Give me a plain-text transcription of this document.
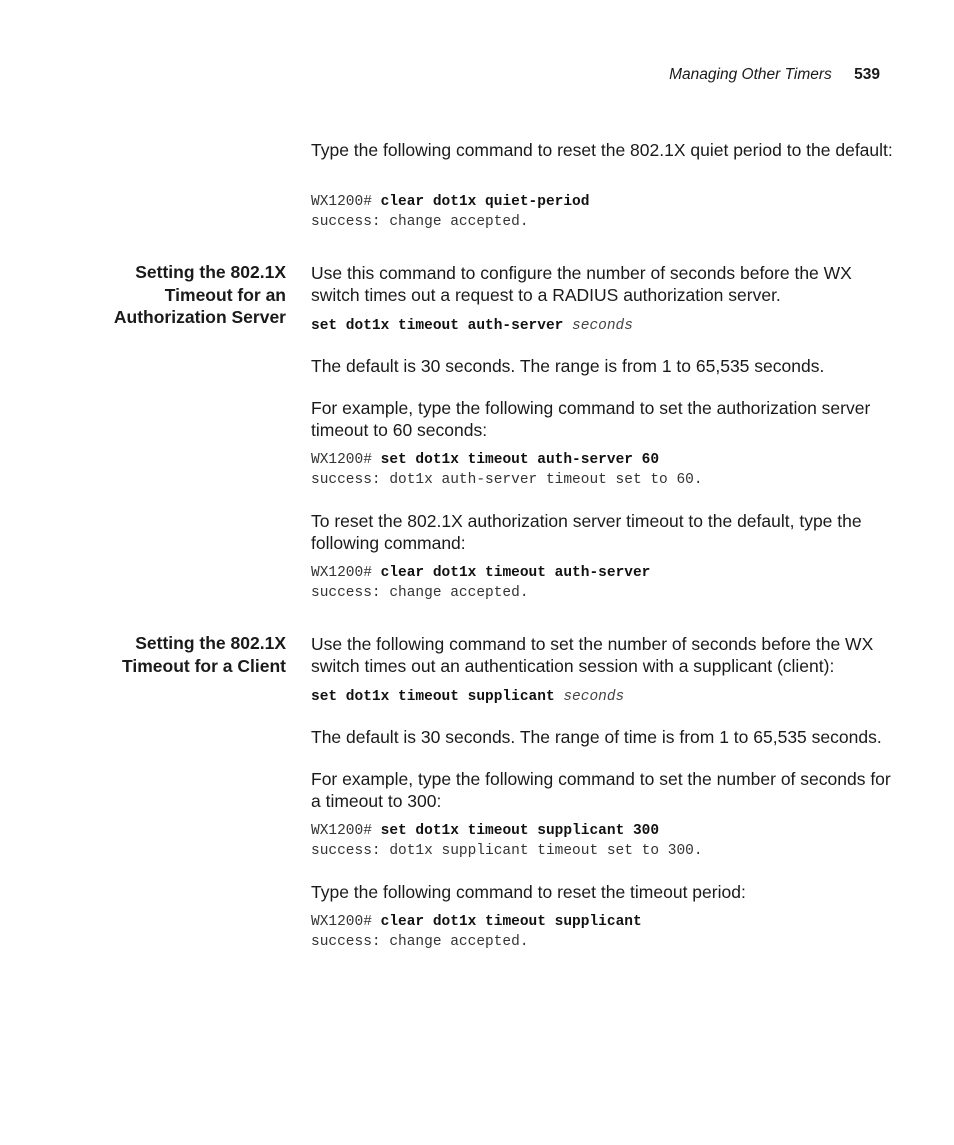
Managing Other Timers 539

Type the following command to reset the 802.1X quiet period to the default:

WX1200# clear dot1x quiet-period
success: change accepted.
Setting the 802.1X
Timeout for an
Authorization Server

Use this command to configure the number of seconds before the WX switch times out a request to a RADIUS authorization server.

set dot1x timeout auth-server seconds

The default is 30 seconds. The range is from 1 to 65,535 seconds.

For example, type the following command to set the authorization server timeout to 60 seconds:

WX1200# set dot1x timeout auth-server 60
success: dot1x auth-server timeout set to 60.

To reset the 802.1X authorization server timeout to the default, type the following command:

WX1200# clear dot1x timeout auth-server
success: change accepted.
Setting the 802.1X
Timeout for a Client

Use the following command to set the number of seconds before the WX switch times out an authentication session with a supplicant (client):

set dot1x timeout supplicant seconds

The default is 30 seconds. The range of time is from 1 to 65,535 seconds.

For example, type the following command to set the number of seconds for a timeout to 300:

WX1200# set dot1x timeout supplicant 300
success: dot1x supplicant timeout set to 300.

Type the following command to reset the timeout period:

WX1200# clear dot1x timeout supplicant
success: change accepted.
